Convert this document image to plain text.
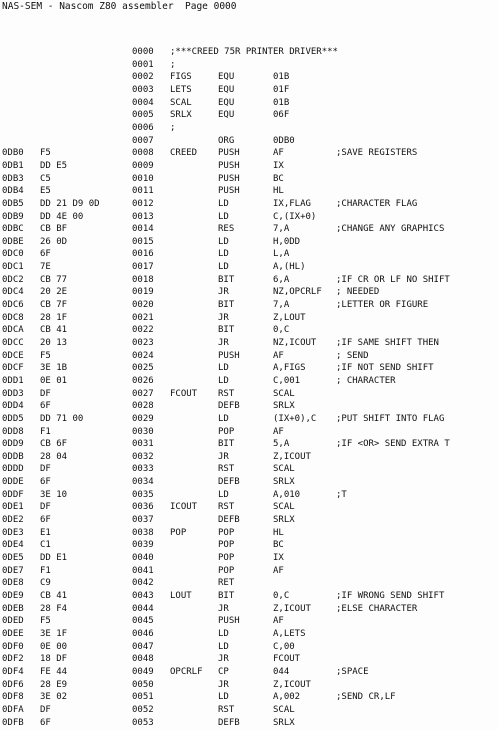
NAS-SEM - Nascom Z80 assembler  Page 0000
0000 ;***CREED 75R PRINTER DRIVER***
0001 ;
0002 FIGS	EQU	01B
0003 LETS	EQU	01F
0004 SCAL	EQU	01B
0005 SRLX	EQU	06F
0006 ;
0007	ORG	0DB0
0DB0 F5	0008 CREED PUSH	AF	;SAVE REGISTERS
0DB1 DD E5	0009	PUSH	IX
0DB3 C5	0010	PUSH	BC
0DB4 E5	0011	PUSH	HL
0DB5 DD 21 D9 0D	0012	LD	IX,FLAG	;CHARACTER FLAG
0DB9 DD 4E 00	0013	LD	C,(IX+0)
0DBC CB BF	0014	RES	7,A	;CHANGE ANY GRAPHICS
0DBE 26 0D	0015	LD	H,0DD
0DC0 6F	0016	LD	L,A
0DC1 7E	0017	LD	A,(HL)
0DC2 CB 77	0018	BIT	6,A	;IF CR OR LF NO SHIFT
0DC4 20 2E	0019	JR	NZ,OPCRLF ; NEEDED
0DC6 CB 7F	0020	BIT	7,A	;LETTER OR FIGURE
0DC8 28 1F	0021	JR	Z,LOUT
0DCA CB 41	0022	BIT	0,C
0DCC 20 13	0023	JR	NZ,ICOUT ;IF SAME SHIFT THEN
0DCE F5	0024	PUSH	AF	; SEND
0DCF 3E 1B	0025	LD	A,FIGS	;IF NOT SEND SHIFT
0DD1 0E 01	0026	LD	C,001	; CHARACTER
0DD3 DF	0027 FCOUT RST	SCAL
0DD4 6F	0028	DEFB	SRLX
0DD5 DD 71 00	0029	LD	(IX+0),C ;PUT SHIFT INTO FLAG
0DD8 F1	0030	POP	AF
0DD9 CB 6F	0031	BIT	5,A	;IF <OR> SEND EXTRA T
0DDB 28 04	0032	JR	Z,ICOUT
0DDD DF	0033	RST	SCAL
0DDE 6F	0034	DEFB	SRLX
0DDF 3E 10	0035	LD	A,010	;T
0DE1 DF	0036 ICOUT RST	SCAL
0DE2 6F	0037	DEFB	SRLX
0DE3 E1	0038 POP	POP	HL
0DE4 C1	0039	POP	BC
0DE5 DD E1	0040	POP	IX
0DE7 F1	0041	POP	AF
0DE8 C9	0042	RET
0DE9 CB 41	0043 LOUT	BIT	0,C	;IF WRONG SEND SHIFT
0DEB 28 F4	0044	JR	Z,ICOUT	;ELSE CHARACTER
0DED F5	0045	PUSH	AF
0DEE 3E 1F	0046	LD	A,LETS
0DF0 0E 00	0047	LD	C,00
0DF2 18 DF	0048	JR	FCOUT
0DF4 FE 44	0049 OPCRLF CP	044	;SPACE
0DF6 28 E9	0050	JR	Z,ICOUT
0DF8 3E 02	0051	LD	A,002	;SEND CR,LF
0DFA DF	0052	RST	SCAL
0DFB 6F	0053	DEFB	SRLX
